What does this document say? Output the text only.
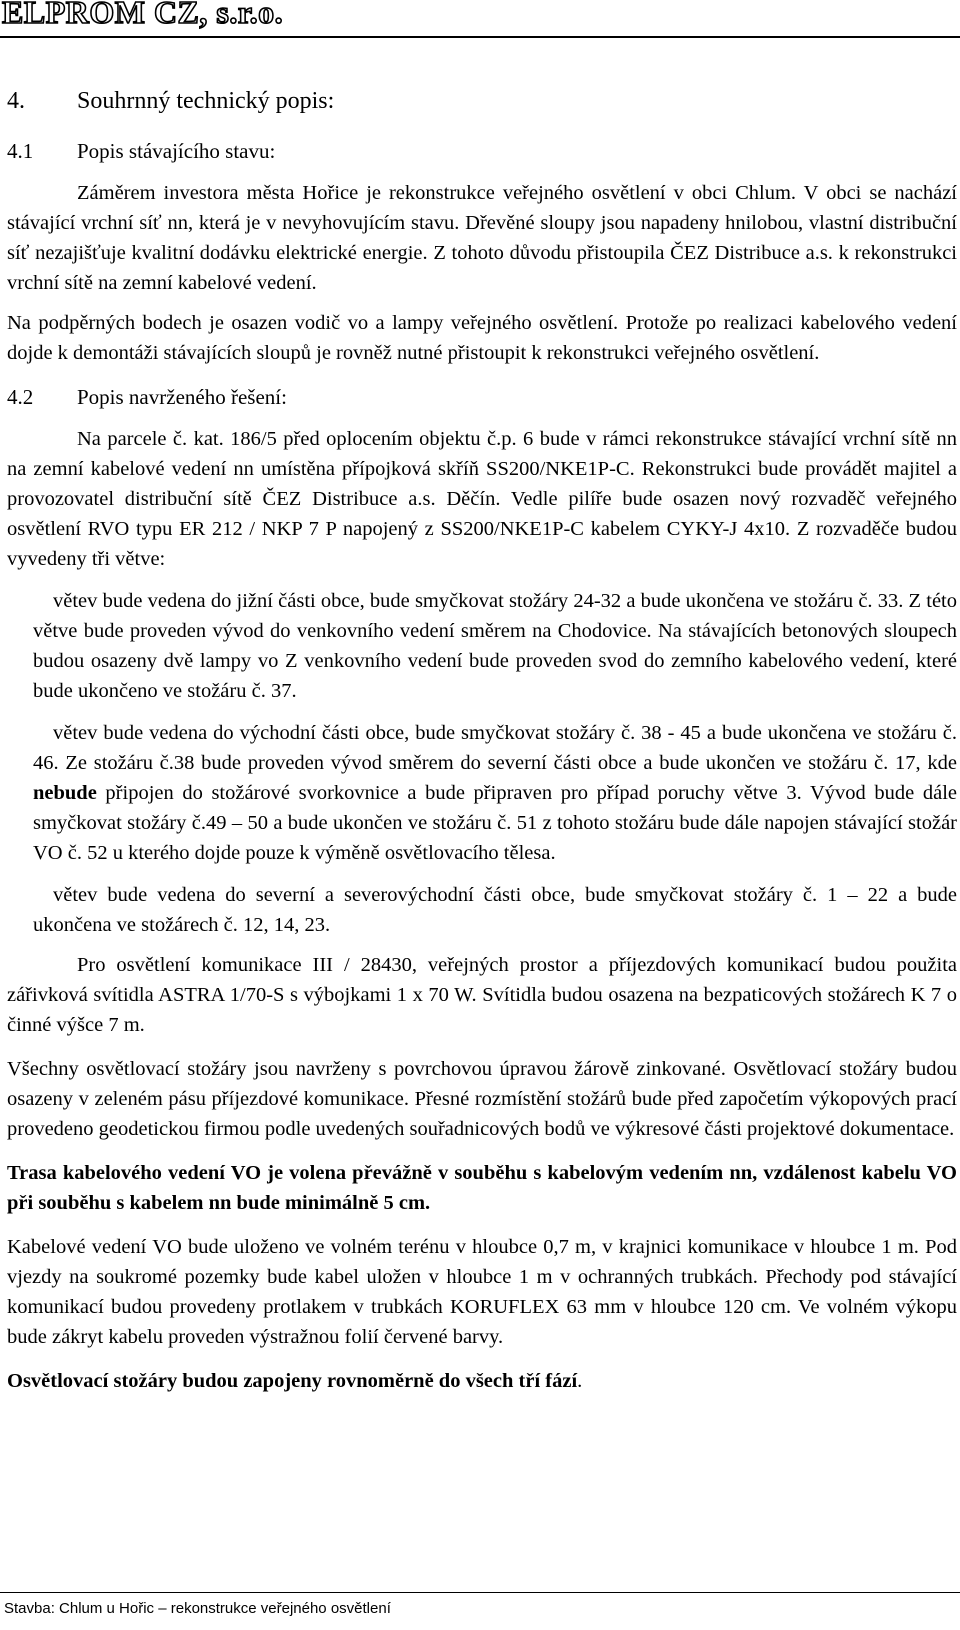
ELPROM CZ, s.r.o.
4. Souhrnný technický popis:
4.1 Popis stávajícího stavu:

Záměrem investora města Hořice je rekonstrukce veřejného osvětlení v obci Chlum. V obci se nachází stávající vrchní síť nn, která je v nevyhovujícím stavu. Dřevěné sloupy jsou napadeny hnilobou, vlastní distribuční síť nezajišťuje kvalitní dodávku elektrické energie. Z tohoto důvodu přistoupila ČEZ Distribuce a.s. k rekonstrukci vrchní sítě na zemní kabelové vedení.

Na podpěrných bodech je osazen vodič vo a lampy veřejného osvětlení. Protože po realizaci kabelového vedení dojde k demontáži stávajících sloupů je rovněž nutné přistoupit k rekonstrukci veřejného osvětlení.

4.2 Popis navrženého řešení:

Na parcele č. kat. 186/5 před oplocením objektu č.p. 6 bude v rámci rekonstrukce stávající vrchní sítě nn na zemní kabelové vedení nn umístěna přípojková skříň SS200/NKE1P-C. Rekonstrukci bude provádět majitel a provozovatel distribuční sítě ČEZ Distribuce a.s. Děčín. Vedle pilíře bude osazen nový rozvaděč veřejného osvětlení RVO typu ER 212 / NKP 7 P napojený z SS200/NKE1P-C kabelem CYKY-J 4x10. Z rozvaděče budou vyvedeny tři větve:

větev bude vedena do jižní části obce, bude smyčkovat stožáry 24-32 a bude ukončena ve stožáru č. 33. Z této větve bude proveden vývod do venkovního vedení směrem na Chodovice. Na stávajících betonových sloupech budou osazeny dvě lampy vo Z venkovního vedení bude proveden svod do zemního kabelového vedení, které bude ukončeno ve stožáru č. 37.

větev bude vedena do východní části obce, bude smyčkovat stožáry č. 38 - 45 a bude ukončena ve stožáru č. 46. Ze stožáru č.38 bude proveden vývod směrem do severní části obce a bude ukončen ve stožáru č. 17, kde nebude připojen do stožárové svorkovnice a bude připraven pro případ poruchy větve 3. Vývod bude dále smyčkovat stožáry č.49 – 50 a bude ukončen ve stožáru č. 51 z tohoto stožáru bude dále napojen stávající stožár VO č. 52 u kterého dojde pouze k výměně osvětlovacího tělesa.

větev bude vedena do severní a severovýchodní části obce, bude smyčkovat stožáry č. 1 – 22 a bude ukončena ve stožárech č. 12, 14, 23.

Pro osvětlení komunikace III / 28430, veřejných prostor a příjezdových komunikací budou použita zářivková svítidla ASTRA 1/70-S s výbojkami 1 x 70 W. Svítidla budou osazena na bezpaticových stožárech K 7 o činné výšce 7 m.

Všechny osvětlovací stožáry jsou navrženy s povrchovou úpravou žárově zinkované. Osvětlovací stožáry budou osazeny v zeleném pásu příjezdové komunikace. Přesné rozmístění stožárů bude před započetím výkopových prací provedeno geodetickou firmou podle uvedených souřadnicových bodů ve výkresové části projektové dokumentace.

Trasa kabelového vedení VO je volena převážně v souběhu s kabelovým vedením nn, vzdálenost kabelu VO při souběhu s kabelem nn bude minimálně 5 cm.

Kabelové vedení VO bude uloženo ve volném terénu v hloubce 0,7 m, v krajnici komunikace v hloubce 1 m. Pod vjezdy na soukromé pozemky bude kabel uložen v hloubce 1 m v ochranných trubkách. Přechody pod stávající komunikací budou provedeny protlakem v trubkách KORUFLEX 63 mm v hloubce 120 cm. Ve volném výkopu bude zákryt kabelu proveden výstražnou folií červené barvy.

Osvětlovací stožáry budou zapojeny rovnoměrně do všech tří fází.

Stavba: Chlum u Hořic – rekonstrukce veřejného osvětlení
